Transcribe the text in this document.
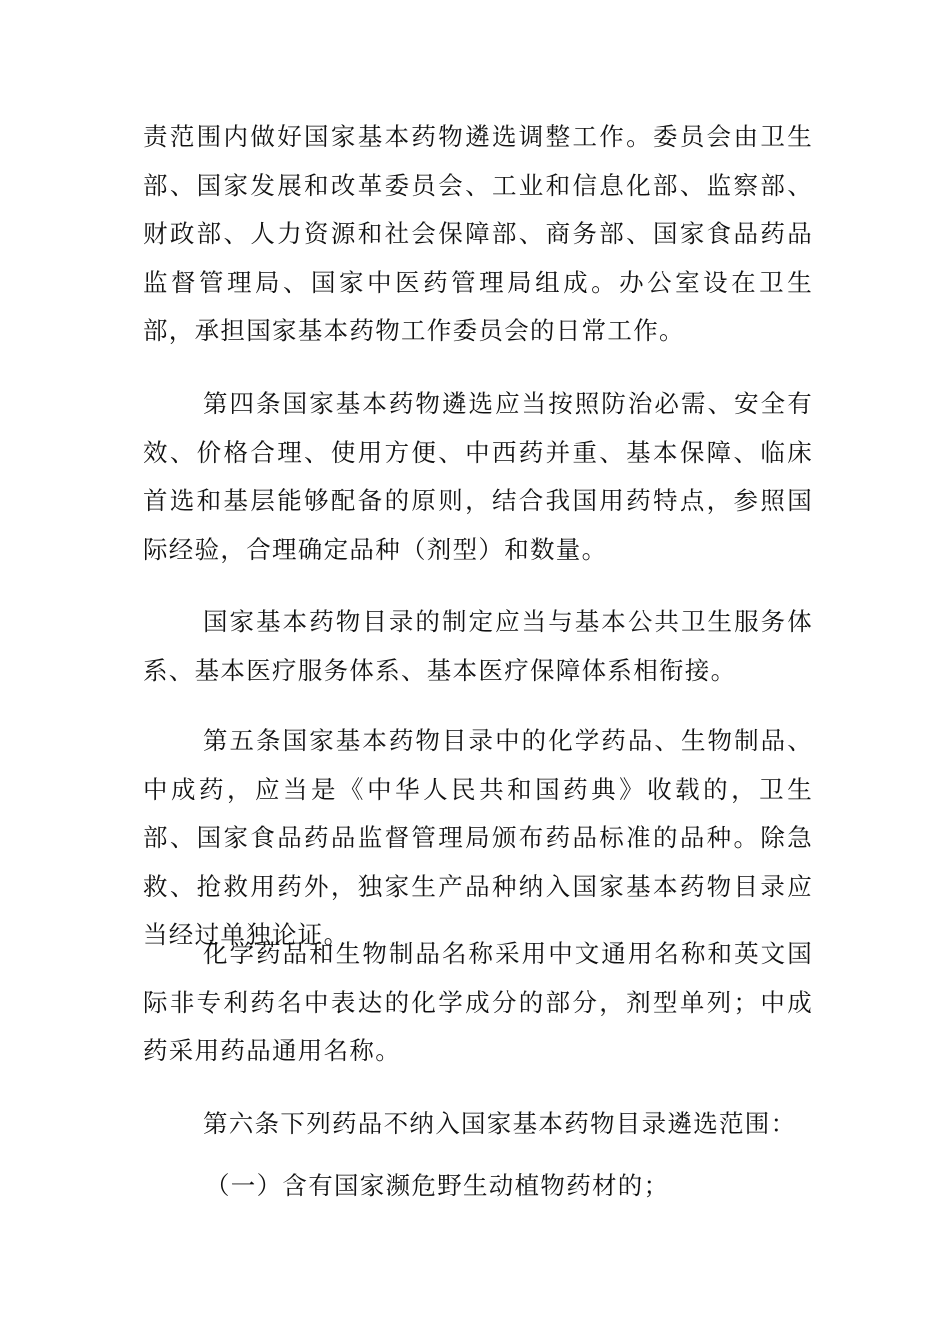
责范围内做好国家基本药物遴选调整工作。委员会由卫生部、国家发展和改革委员会、工业和信息化部、监察部、财政部、人力资源和社会保障部、商务部、国家食品药品监督管理局、国家中医药管理局组成。办公室设在卫生部，承担国家基本药物工作委员会的日常工作。

第四条国家基本药物遴选应当按照防治必需、安全有效、价格合理、使用方便、中西药并重、基本保障、临床首选和基层能够配备的原则，结合我国用药特点，参照国际经验，合理确定品种（剂型）和数量。

国家基本药物目录的制定应当与基本公共卫生服务体系、基本医疗服务体系、基本医疗保障体系相衔接。

第五条国家基本药物目录中的化学药品、生物制品、中成药，应当是《中华人民共和国药典》收载的，卫生部、国家食品药品监督管理局颁布药品标准的品种。除急救、抢救用药外，独家生产品种纳入国家基本药物目录应当经过单独论证。

化学药品和生物制品名称采用中文通用名称和英文国际非专利药名中表达的化学成分的部分，剂型单列；中成药采用药品通用名称。

第六条下列药品不纳入国家基本药物目录遴选范围：

（一）含有国家濒危野生动植物药材的；
